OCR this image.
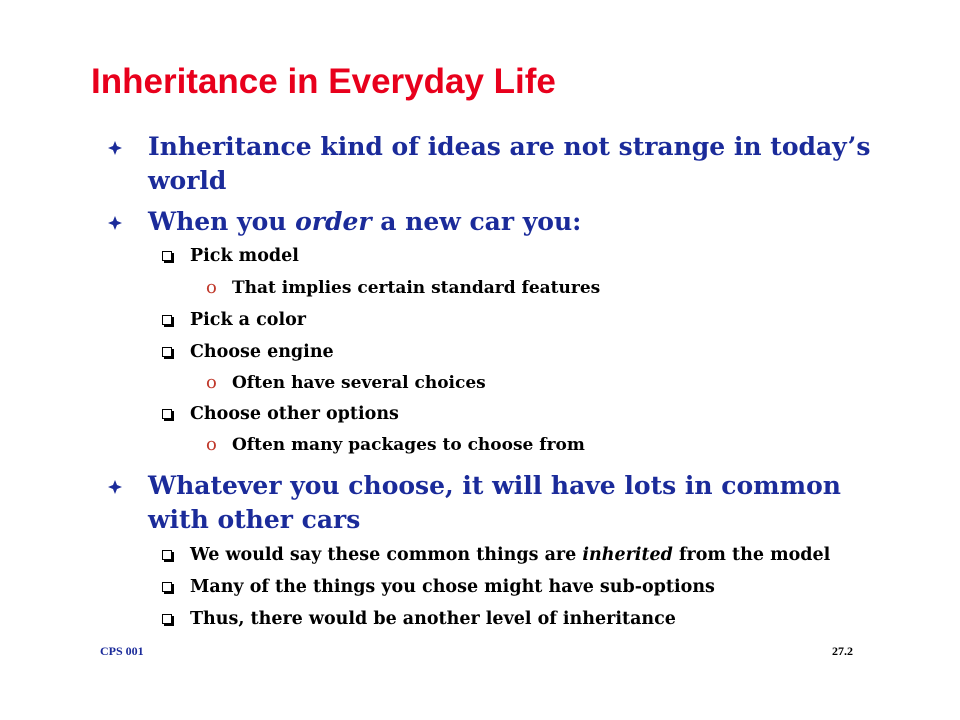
Inheritance in Everyday Life
Inheritance kind of ideas are not strange in today’s
world
When you order a new car you:
Pick model
o That implies certain standard features
Pick a color
Choose engine
o Often have several choices
Choose other options
o Often many packages to choose from
Whatever you choose, it will have lots in common
with other cars
We would say these common things are inherited from the model
Many of the things you chose might have sub-options
Thus, there would be another level of inheritance
CPS 001	27.2
